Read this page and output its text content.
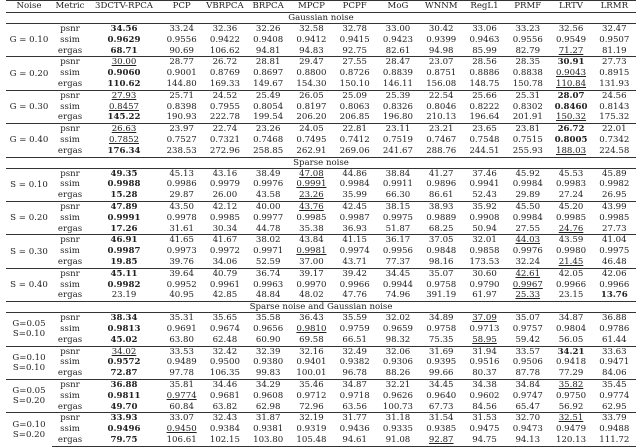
Noise	Metric	3DCTV-RPCA	PCP	VBRPCA	BRPCA	MPCP	PCPF	MoG	WNNM	RegL1	PRMF	LRTV	LRMR
Gaussian noise													

G = 0.10	psnr	34.56	33.24	32.36	32.26	32.58	32.78	33.00	30.42	33.06	33.23	32.56	32.47
	ssim	0.9629	0.9556	0.9422	0.9408	0.9412	0.9415	0.9423	0.9399	0.9463	0.9556	0.9549	0.9507
	ergas	68.71	90.69	106.62	94.81	94.83	92.75	82.61	94.98	85.99	82.79	71.27	81.19

G = 0.20	psnr	30.00	28.77	26.72	28.81	29.47	27.55	28.47	23.07	28.56	28.35	30.91	27.73
	ssim	0.9060	0.9001	0.8769	0.8697	0.8800	0.8726	0.8839	0.8751	0.8886	0.8838	0.9043	0.8915
	ergas	110.62	144.80	169.33	149.67	154.30	150.10	146.11	156.08	148.75	150.78	110.84	131.93

G = 0.30	psnr	27.93	25.71	24.52	25.49	26.05	25.09	25.39	22.54	25.66	25.31	28.07	24.56
	ssim	0.8457	0.8398	0.7955	0.8054	0.8197	0.8063	0.8326	0.8046	0.8222	0.8302	0.8460	0.8143
	ergas	145.22	190.93	222.78	199.54	206.20	206.85	196.80	210.13	196.64	201.91	150.32	175.32

G = 0.40	psnr	26.63	23.97	22.74	23.26	24.05	22.81	23.11	23.21	23.65	23.81	26.72	22.01
	ssim	0.7852	0.7527	0.7321	0.7468	0.7495	0.7412	0.7519	0.7467	0.7548	0.7515	0.8005	0.7342
	ergas	176.34	238.53	272.96	258.85	262.91	269.06	241.67	288.76	244.51	255.93	188.03	224.58
Sparse noise													

S = 0.10	psnr	49.35	45.13	43.16	38.49	47.08	44.86	38.84	41.27	37.46	45.92	45.53	45.89
	ssim	0.9988	0.9986	0.9979	0.9976	0.9991	0.9984	0.9911	0.9896	0.9941	0.9984	0.9983	0.9982
	ergas	15.28	29.87	26.00	43.58	23.26	35.99	66.30	86.61	52.43	29.89	27.24	26.95

S = 0.20	psnr	47.89	43.50	42.12	40.00	43.76	42.45	38.15	38.93	35.92	45.50	45.20	43.99
	ssim	0.9991	0.9978	0.9985	0.9977	0.9985	0.9987	0.9975	0.9889	0.9908	0.9984	0.9985	0.9985
	ergas	17.26	31.61	30.34	44.78	35.38	36.93	51.87	68.25	50.94	27.55	24.76	27.73

S = 0.30	psnr	46.91	41.65	41.67	38.02	43.84	41.15	36.17	37.05	32.01	44.03	43.59	41.04
	ssim	0.9987	0.9973	0.9972	0.9971	0.9981	0.9974	0.9956	0.9848	0.9858	0.9976	0.9980	0.9975
	ergas	19.85	39.76	34.06	52.59	37.00	43.71	77.37	98.16	173.53	32.24	21.45	46.48

S = 0.40	psnr	45.11	39.64	40.79	36.74	39.17	39.42	34.45	35.07	30.60	42.61	42.05	42.06
	ssim	0.9982	0.9952	0.9961	0.9963	0.9970	0.9966	0.9944	0.9758	0.9790	0.9967	0.9966	0.9966
	ergas	23.19	40.95	42.85	48.84	48.02	47.76	74.96	391.19	61.97	25.33	23.15	13.76
Sparse noise and Gaussian noise													

G=0.05
S=0.10	psnr	38.34	35.31	35.65	35.58	36.43	35.59	32.02	34.89	37.09	35.07	34.87	36.88
	ssim	0.9813	0.9691	0.9674	0.9656	0.9810	0.9759	0.9659	0.9758	0.9713	0.9757	0.9804	0.9786
	ergas	45.02	63.80	62.48	60.90	69.58	66.51	98.32	75.35	58.95	59.42	56.05	61.44

G=0.10
S=0.10	psnr	34.02	33.53	32.42	32.39	32.16	32.49	32.06	31.69	31.94	33.57	34.21	33.63
	ssim	0.9572	0.9489	0.9500	0.9380	0.9401	0.9382	0.9306	0.9395	0.9516	0.9506	0.9418	0.9471
	ergas	72.87	97.78	106.35	99.83	100.01	96.78	88.26	99.66	80.37	87.78	77.29	84.06

G=0.05
S=0.20	psnr	36.88	35.81	34.46	34.29	35.46	34.87	32.21	34.45	34.38	34.84	35.82	35.45
	ssim	0.9811	0.9774	0.9681	0.9608	0.9712	0.9718	0.9626	0.9640	0.9602	0.9747	0.9750	0.9774
	ergas	49.70	60.84	63.82	62.98	72.96	63.56	100.73	67.73	84.56	65.47	56.92	62.95

G=0.10
S=0.20	psnr	33.93	33.07	32.43	31.87	32.19	31.77	31.18	31.54	31.53	32.70	32.51	33.79
	ssim	0.9496	0.9450	0.9384	0.9381	0.9319	0.9436	0.9335	0.9385	0.9475	0.9473	0.9479	0.9488
	ergas	79.75	106.61	102.15	103.80	105.48	94.61	91.08	92.87	94.75	94.13	120.13	111.72
